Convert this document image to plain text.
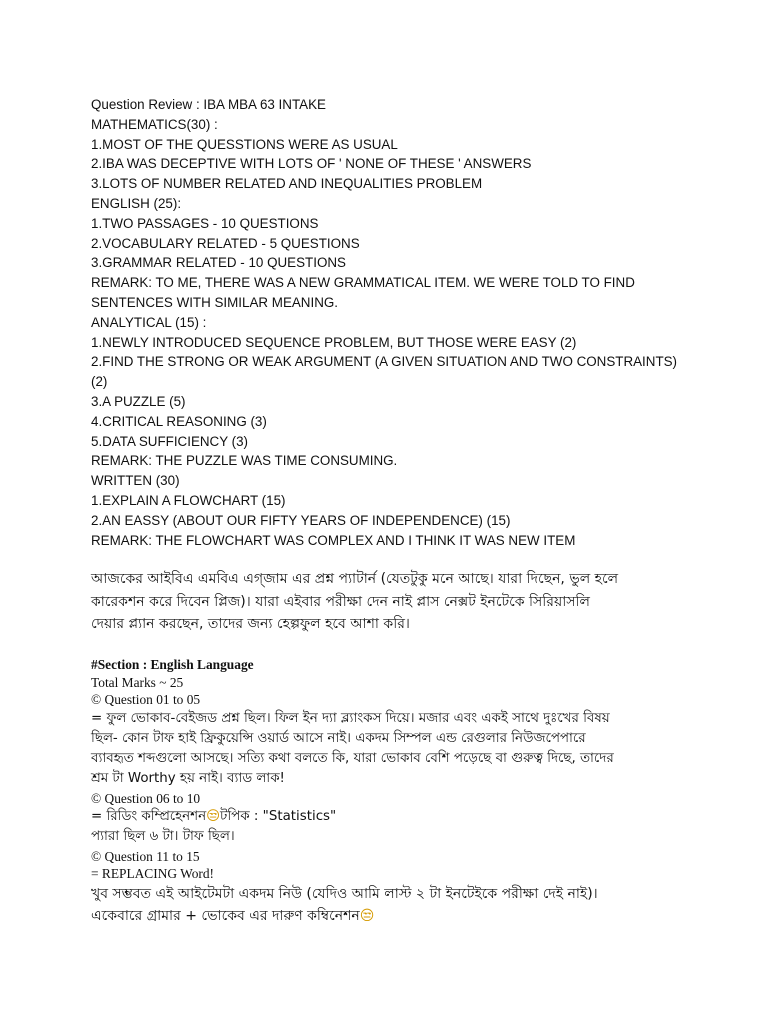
Question Review : IBA MBA 63 INTAKE
MATHEMATICS(30) :
1.MOST OF THE QUESSTIONS WERE AS USUAL
2.IBA WAS DECEPTIVE WITH LOTS OF ' NONE OF THESE ' ANSWERS
3.LOTS OF NUMBER RELATED AND INEQUALITIES PROBLEM
ENGLISH (25):
1.TWO PASSAGES - 10 QUESTIONS
2.VOCABULARY RELATED - 5 QUESTIONS
3.GRAMMAR RELATED - 10 QUESTIONS
REMARK: TO ME, THERE WAS A NEW GRAMMATICAL ITEM. WE WERE TOLD TO FIND
SENTENCES WITH SIMILAR MEANING.
ANALYTICAL (15) :
1.NEWLY INTRODUCED SEQUENCE PROBLEM, BUT THOSE WERE EASY (2)
2.FIND THE STRONG OR WEAK ARGUMENT (A GIVEN SITUATION AND TWO CONSTRAINTS)
(2)
3.A PUZZLE (5)
4.CRITICAL REASONING (3)
5.DATA SUFFICIENCY (3)
REMARK: THE PUZZLE WAS TIME CONSUMING.
WRITTEN (30)
1.EXPLAIN A FLOWCHART (15)
2.AN EASSY (ABOUT OUR FIFTY YEARS OF INDEPENDENCE) (15)
REMARK: THE FLOWCHART WAS COMPLEX AND I THINK IT WAS NEW ITEM
আজকের আইবিএ এমবিএ এগ্জাম এর প্রশ্ন প্যাটার্ন (যেতটুকু মনে আছে। যারা দিছেন, ভুল হলে
কারেকশন করে দিবেন প্লিজ)। যারা এইবার পরীক্ষা দেন নাই প্লাস নেক্সট ইনটেকে সিরিয়াসলি
দেয়ার প্ল্যান করছেন, তাদের জন্য হেল্পফুল হবে আশা করি।
#Section : English Language
Total Marks ~ 25
© Question 01 to 05
= ফুল ভোকাব-বেইজড প্রশ্ন ছিল। ফিল ইন দ্যা ব্ল্যাংকস দিয়ে। মজার এবং একই সাথে দুঃখের বিষয়
ছিল- কোন টাফ হাই ফ্রিকুয়েন্সি ওয়ার্ড আসে নাই। একদম সিম্পল এন্ড রেগুলার নিউজপেপারে
ব্যাবহৃত শব্দগুলো আসছে। সত্যি কথা বলতে কি, যারা ভোকাব বেশি পড়েছে বা গুরুত্ব দিছে, তাদের
শ্রম টা Worthy হয় নাই। ব্যাড লাক!
© Question 06 to 10
= রিডিং কম্প্রিহেনশন😒টপিক : "Statistics"
প্যারা ছিল ৬ টা। টাফ ছিল।
© Question 11 to 15
= REPLACING Word!
খুব সম্ভবত এই আইটেমটা একদম নিউ (যেদিও আমি লাস্ট ২ টা ইনটেইকে পরীক্ষা দেই নাই)।
একেবারে গ্রামার + ভোকেব এর দারুণ কম্বিনেশন😒
